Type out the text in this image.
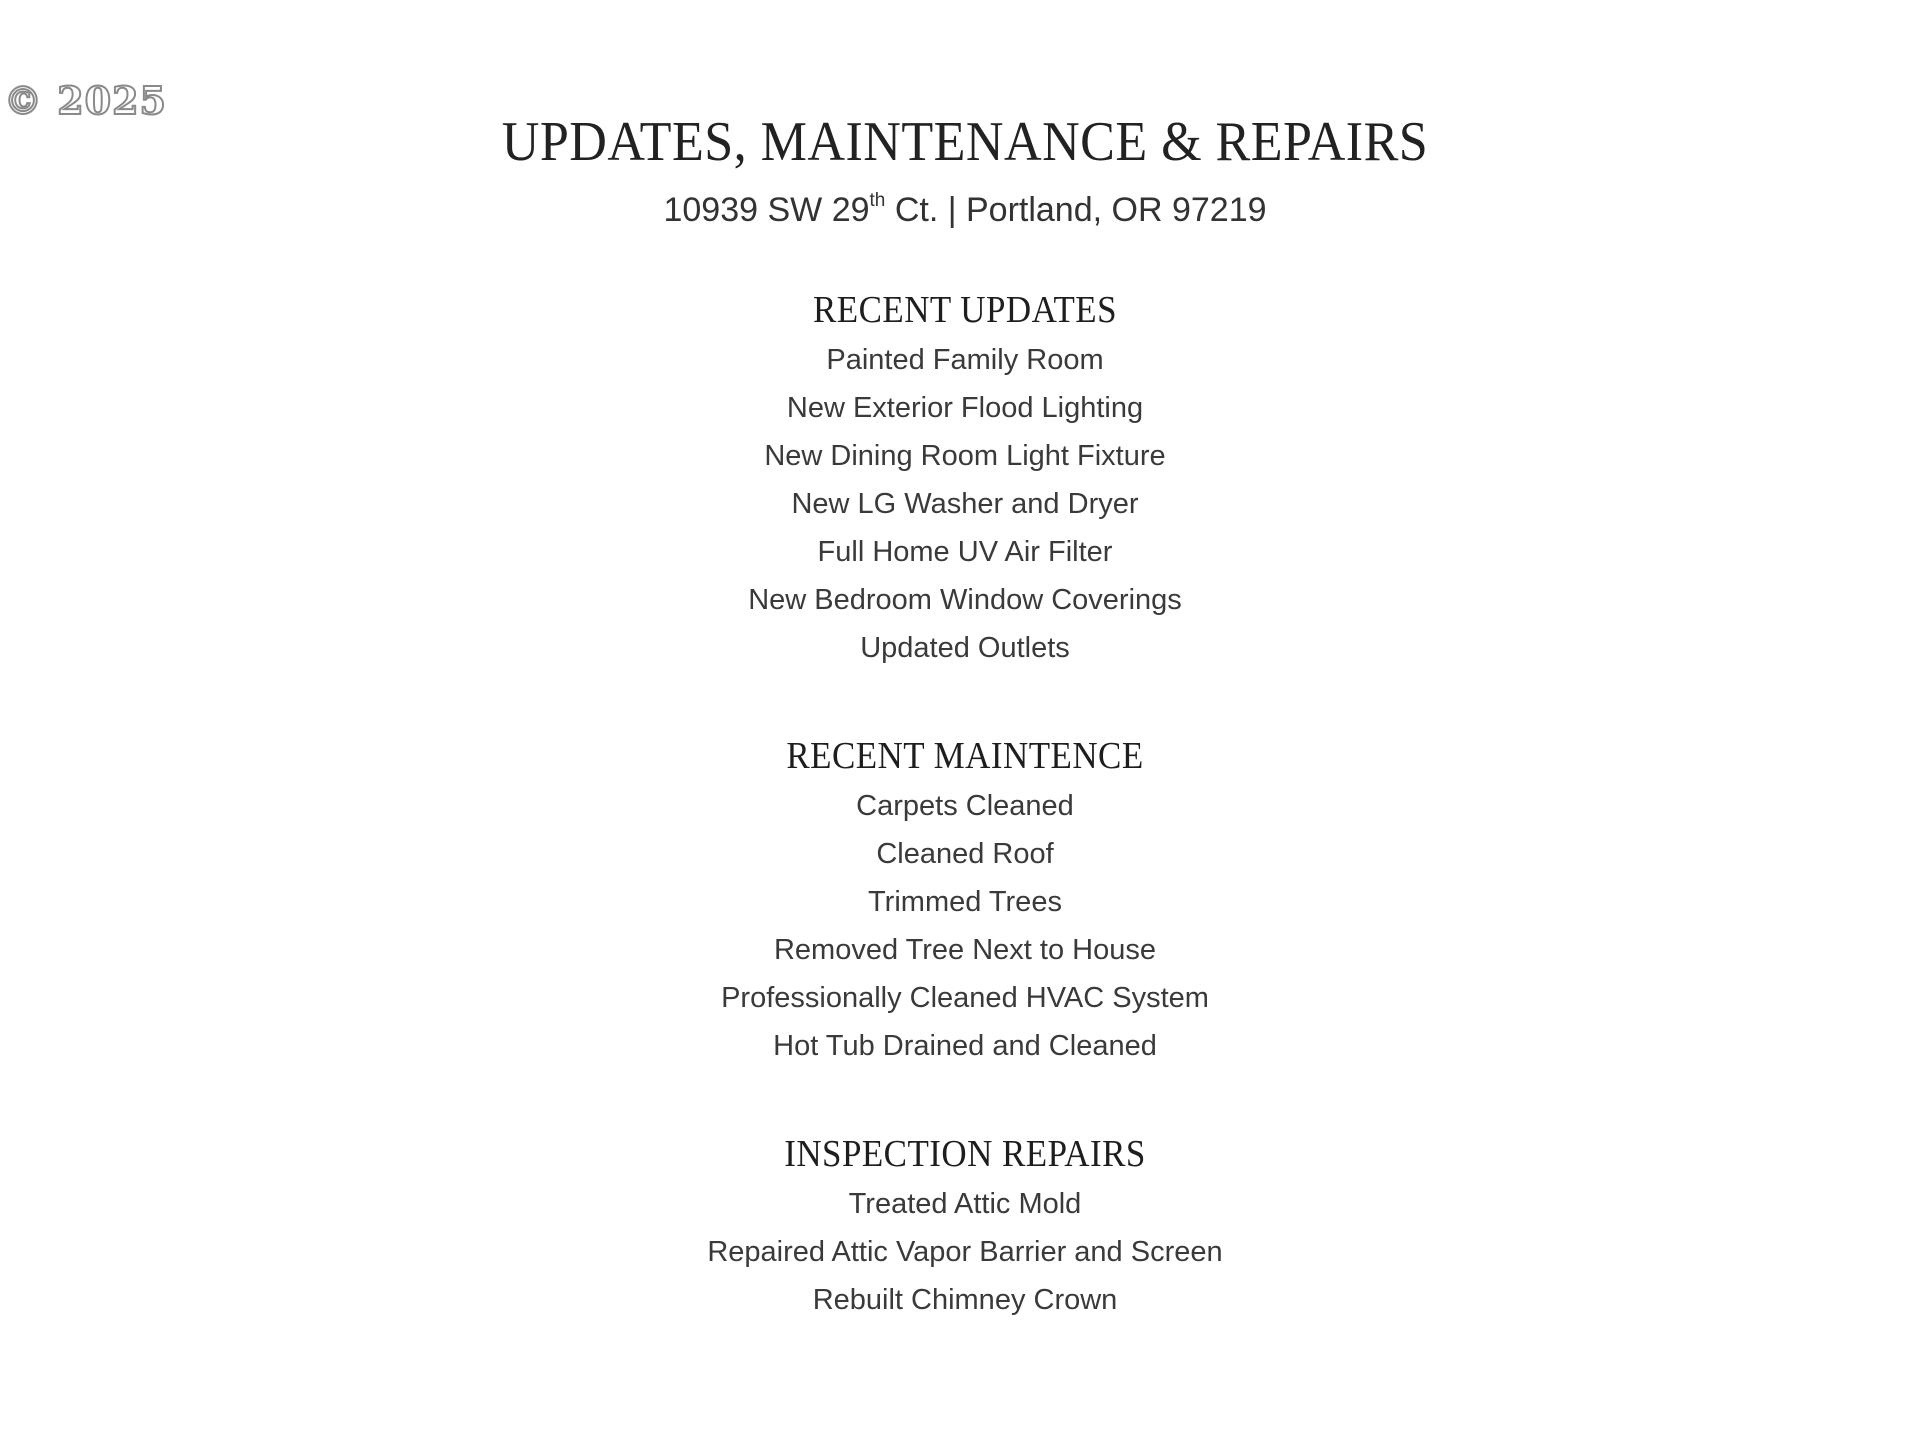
© 2025
UPDATES, MAINTENANCE & REPAIRS
10939 SW 29th Ct. | Portland, OR 97219
RECENT UPDATES

Painted Family Room

New Exterior Flood Lighting

New Dining Room Light Fixture

New LG Washer and Dryer

Full Home UV Air Filter

New Bedroom Window Coverings

Updated Outlets

RECENT MAINTENCE

Carpets Cleaned

Cleaned Roof

Trimmed Trees

Removed Tree Next to House

Professionally Cleaned HVAC System

Hot Tub Drained and Cleaned

INSPECTION REPAIRS

Treated Attic Mold

Repaired Attic Vapor Barrier and Screen

Rebuilt Chimney Crown
